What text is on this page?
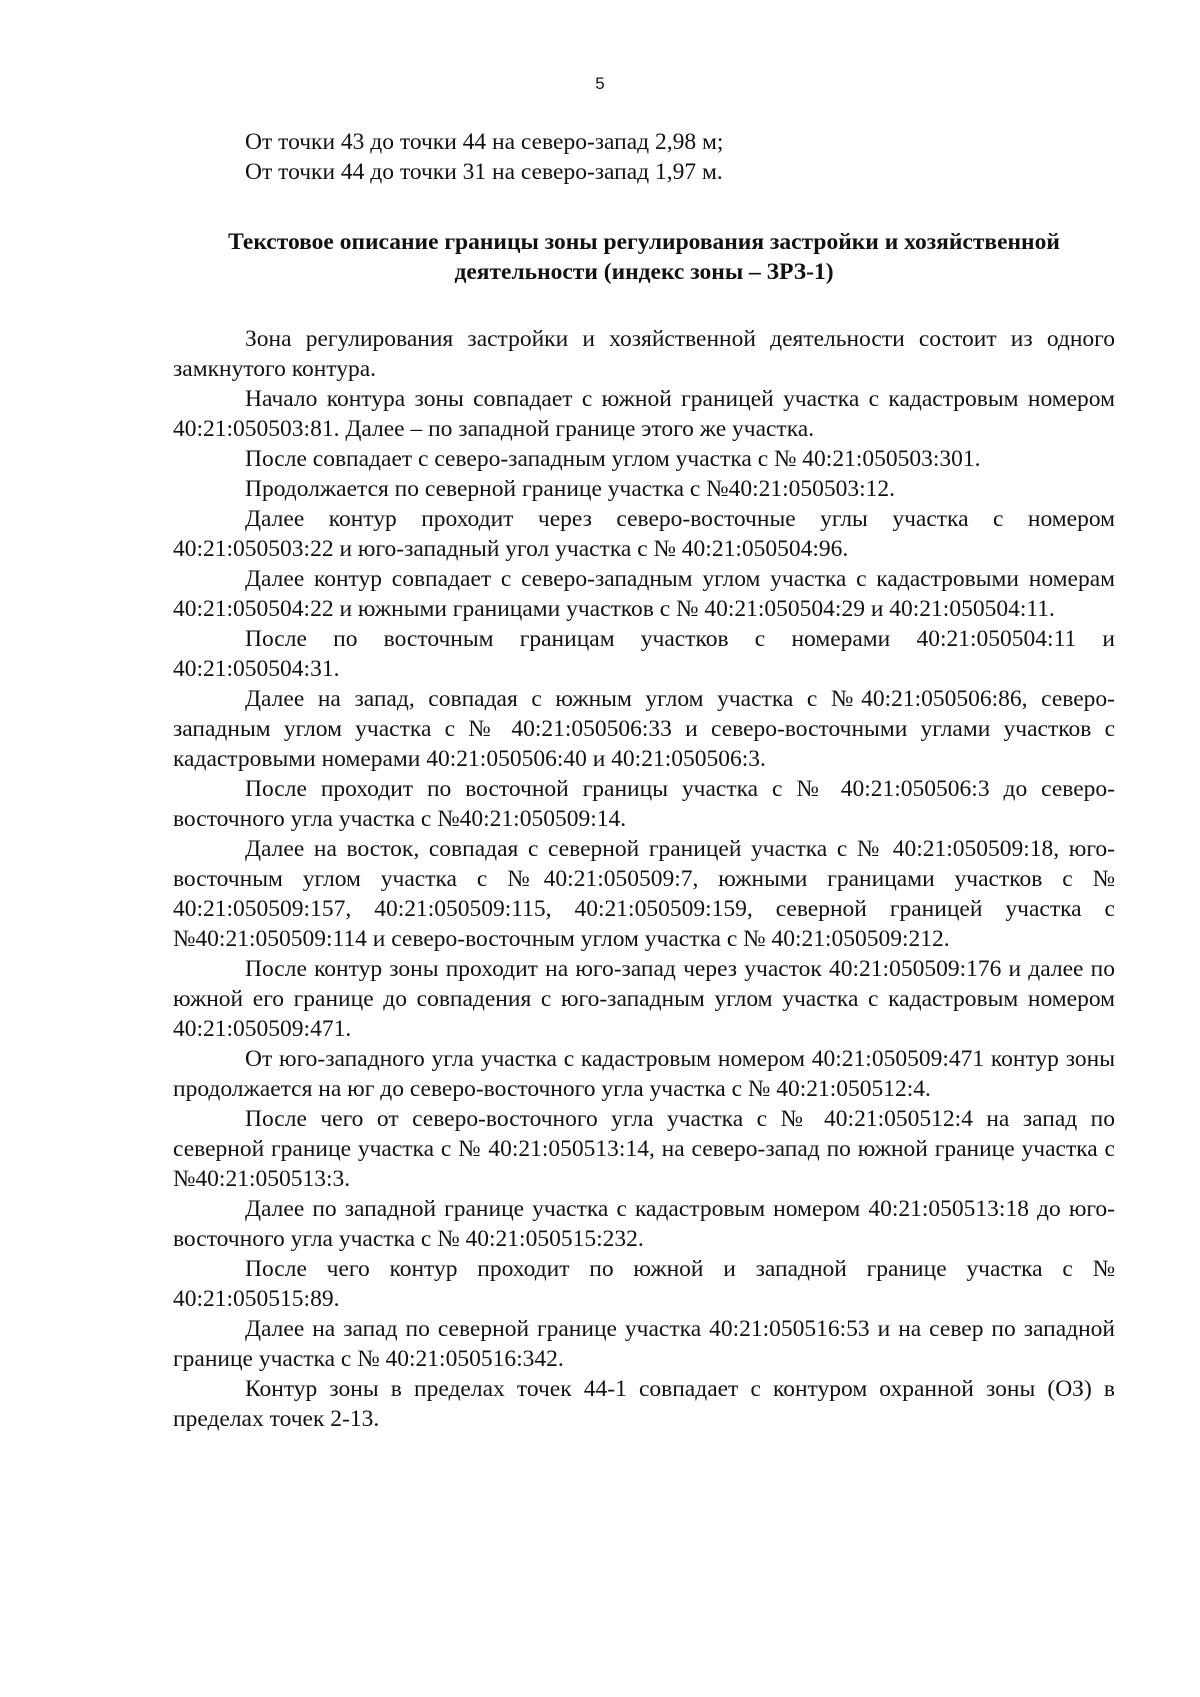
5

От точки 43 до точки 44 на северо-запад 2,98 м;

От точки 44 до точки 31 на северо-запад 1,97 м.

Текстовое описание границы зоны регулирования застройки и хозяйственной деятельности (индекс зоны – ЗРЗ-1)

Зона регулирования застройки и хозяйственной деятельности состоит из одного замкнутого контура.

Начало контура зоны совпадает с южной границей участка с кадастровым номером 40:21:050503:81. Далее – по западной границе этого же участка.

После совпадает с северо-западным углом участка с № 40:21:050503:301.

Продолжается по северной границе участка с №40:21:050503:12.

Далее контур проходит через северо-восточные углы участка с номером 40:21:050503:22 и юго-западный угол участка с № 40:21:050504:96.

Далее контур совпадает с северо-западным углом участка с кадастровыми номерам 40:21:050504:22 и южными границами участков с № 40:21:050504:29 и 40:21:050504:11.

После по восточным границам участков с номерами 40:21:050504:11 и 40:21:050504:31.

Далее на запад, совпадая с южным углом участка с №40:21:050506:86, северо-западным углом участка с № 40:21:050506:33 и северо-восточными углами участков с кадастровыми номерами 40:21:050506:40 и 40:21:050506:3.

После проходит по восточной границы участка с № 40:21:050506:3 до северо-восточного угла участка с №40:21:050509:14.

Далее на восток, совпадая с северной границей участка с № 40:21:050509:18, юго-восточным углом участка с №40:21:050509:7, южными границами участков с № 40:21:050509:157, 40:21:050509:115, 40:21:050509:159, северной границей участка с №40:21:050509:114 и северо-восточным углом участка с № 40:21:050509:212.

После контур зоны проходит на юго-запад через участок 40:21:050509:176 и далее по южной его границе до совпадения с юго-западным углом участка с кадастровым номером 40:21:050509:471.

От юго-западного угла участка с кадастровым номером 40:21:050509:471 контур зоны продолжается на юг до северо-восточного угла участка с № 40:21:050512:4.

После чего от северо-восточного угла участка с № 40:21:050512:4 на запад по северной границе участка с № 40:21:050513:14, на северо-запад по южной границе участка с №40:21:050513:3.

Далее по западной границе участка с кадастровым номером 40:21:050513:18 до юго-восточного угла участка с № 40:21:050515:232.

После чего контур проходит по южной и западной границе участка с № 40:21:050515:89.

Далее на запад по северной границе участка 40:21:050516:53 и на север по западной границе участка с № 40:21:050516:342.

Контур зоны в пределах точек 44-1 совпадает с контуром охранной зоны (ОЗ) в пределах точек 2-13.
